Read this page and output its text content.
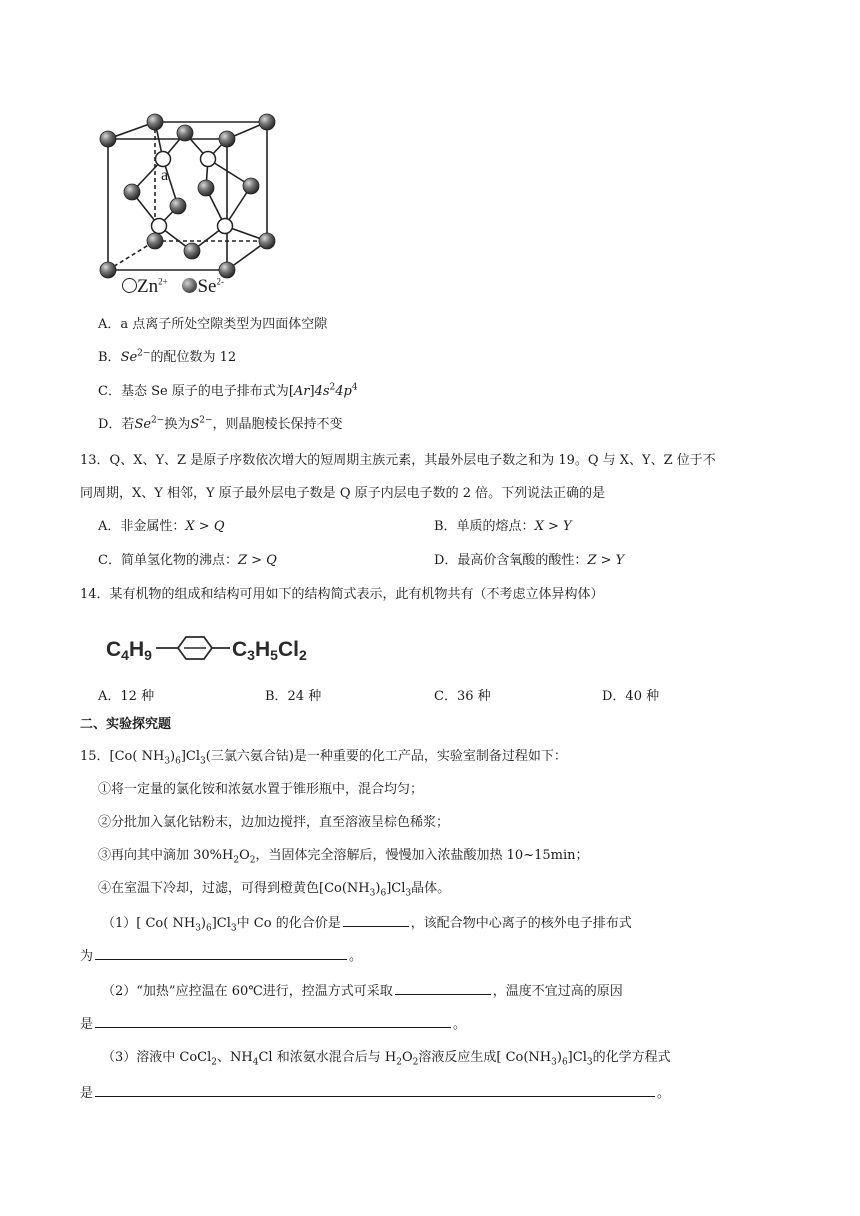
a
$Zn^{2+}$ $Se^{2-}$
A．a 点离子所处空隙类型为四面体空隙
B．$Se^{2-}$的配位数为 12
C．基态 Se 原子的电子排布式为$[Ar]4s^24p^4$
D．若$Se^{2-}$换为$S^{2-}$，则晶胞棱长保持不变
13．Q、X、Y、Z 是原子序数依次增大的短周期主族元素，其最外层电子数之和为 19。Q 与 X、Y、Z 位于不
同周期，X、Y 相邻，Y 原子最外层电子数是 Q 原子内层电子数的 2 倍。下列说法正确的是
A．非金属性：X > Q	B．单质的熔点：X > Y
C．简单氢化物的沸点：Z > Q	D．最高价含氧酸的酸性：Z > Y
14．某有机物的组成和结构可用如下的结构简式表示，此有机物共有（不考虑立体异构体）
C4H9	C3H5Cl2
A．12 种	B．24 种	C．36 种	D．40 种
二、实验探究题
15．[Co( $NH_3)_6]Cl_3$(三氯六氨合钴)是一种重要的化工产品，实验室制备过程如下：
①将一定量的氯化铵和浓氨水置于锥形瓶中，混合均匀；
②分批加入氯化钴粉末，边加边搅拌，直至溶液呈棕色稀浆；
③再向其中滴加 $30\%H_2O_2$，当固体完全溶解后，慢慢加入浓盐酸加热 10~15min；
④在室温下冷却，过滤，可得到橙黄色$[Co(NH_3)_6]Cl_3$晶体。
（1）[ Co( $NH_3)_6]Cl_3$中 Co 的化合价是	，该配合物中心离子的核外电子排布式
为	。
（2）“加热”应控温在 60℃进行，控温方式可采取	，温度不宜过高的原因
是	。
（3）溶液中 CoCl$_2$、$NH_4Cl$ 和浓氨水混合后与 $H_2O_2$溶液反应生成[ $Co(NH_3)_6]Cl_3$的化学方程式
是	。
